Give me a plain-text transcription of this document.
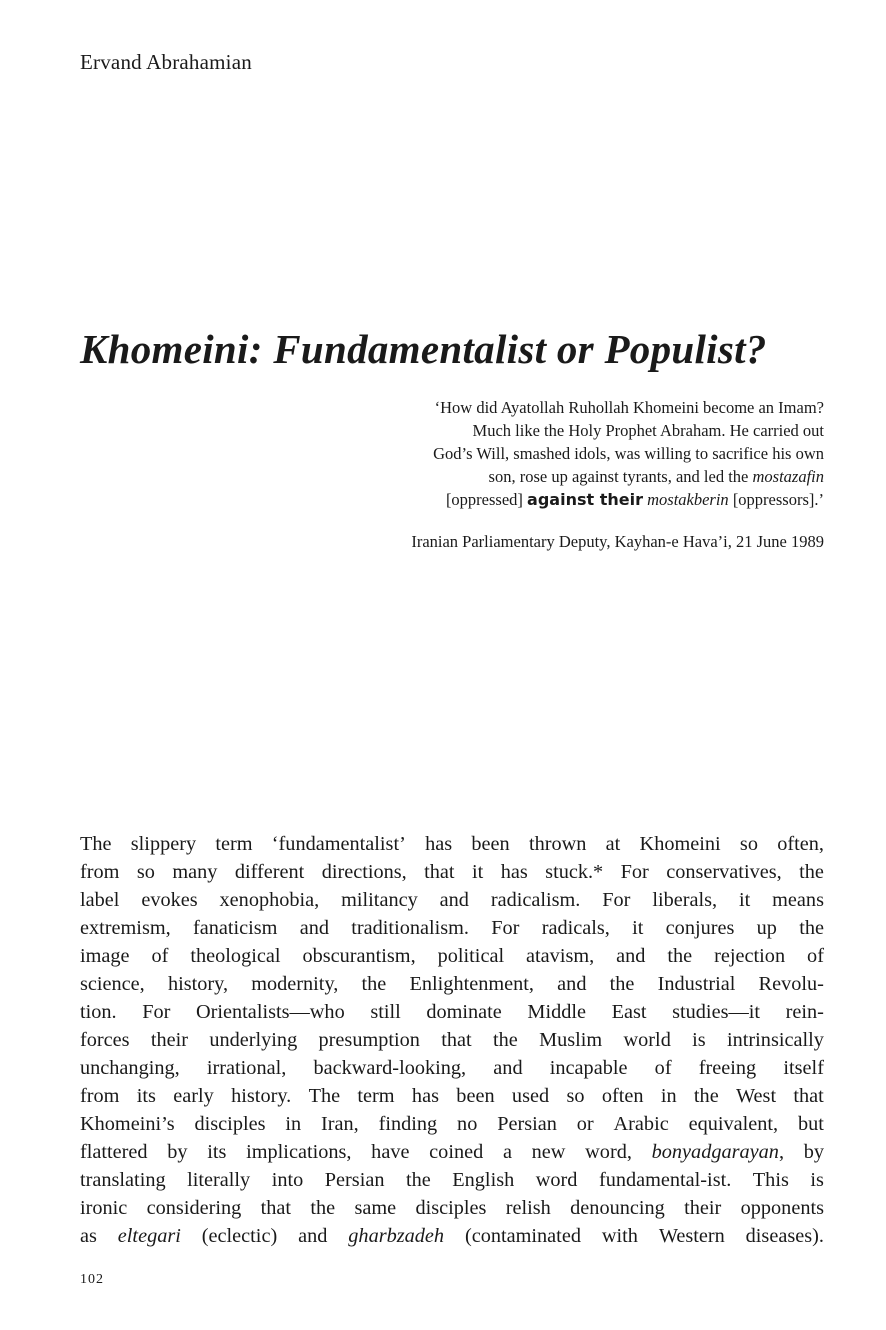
Ervand Abrahamian
Khomeini: Fundamentalist or Populist?
‘How did Ayatollah Ruhollah Khomeini become an Imam?
Much like the Holy Prophet Abraham. He carried out
God’s Will, smashed idols, was willing to sacrifice his own
son, rose up against tyrants, and led the mostazafin
[oppressed] against their mostakberin [oppressors].’
Iranian Parliamentary Deputy, Kayhan-e Hava’i, 21 June 1989
The slippery term ‘fundamentalist’ has been thrown at Khomeini so often,
from so many different directions, that it has stuck.* For conservatives, the
label evokes xenophobia, militancy and radicalism. For liberals, it means
extremism, fanaticism and traditionalism. For radicals, it conjures up the
image of theological obscurantism, political atavism, and the rejection of
science, history, modernity, the Enlightenment, and the Industrial Revolu-
tion. For Orientalists—who still dominate Middle East studies—it rein-
forces their underlying presumption that the Muslim world is intrinsically
unchanging, irrational, backward-looking, and incapable of freeing itself
from its early history. The term has been used so often in the West that
Khomeini’s disciples in Iran, finding no Persian or Arabic equivalent, but
flattered by its implications, have coined a new word, bonyadgarayan, by
translating literally into Persian the English word fundamental-ist. This is
ironic considering that the same disciples relish denouncing their opponents
as eltegari (eclectic) and gharbzadeh (contaminated with Western diseases).
102
